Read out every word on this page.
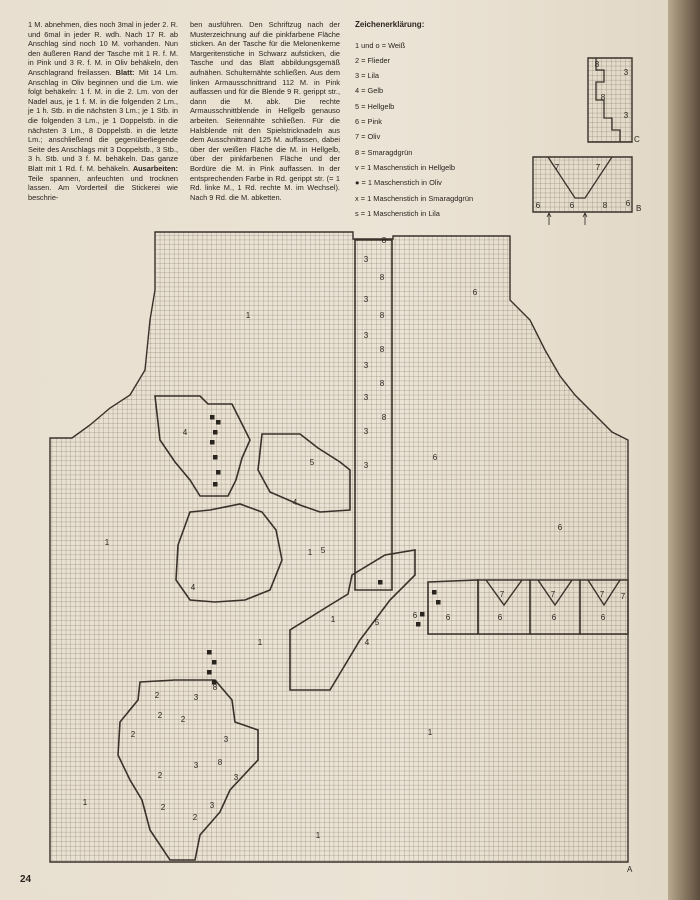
1 M. abnehmen, dies noch 3mal in jeder 2. R. und 6mal in jeder R. wdh. Nach 17 R. ab Anschlag sind noch 10 M. vorhanden. Nun den äußeren Rand der Tasche mit 1 R. f. M. in Pink und 3 R. f. M. in Oliv behäkeln, den Anschlagrand freilassen. Blatt: Mit 14 Lm. Anschlag in Oliv beginnen und die Lm. wie folgt behäkeln: 1 f. M. in die 2. Lm. von der Nadel aus, je 1 f. M. in die folgenden 2 Lm., je 1 h. Stb. in die nächsten 3 Lm.; je 1 Stb. in die folgenden 3 Lm., je 1 Doppelstb. in die nächsten 3 Lm., 8 Doppelstb. in die letzte Lm.; anschließend die gegenüberliegende Seite des Anschlags mit 3 Doppelstb., 3 Stb., 3 h. Stb. und 3 f. M. behäkeln. Das ganze Blatt mit 1 Rd. f. M. behäkeln. Ausarbeiten: Teile spannen, anfeuchten und trocknen lassen. Am Vorderteil die Stickerei wie beschrie-
ben ausführen. Den Schriftzug nach der Musterzeichnung auf die pinkfarbene Fläche sticken. An der Tasche für die Melonenkerne Margeritenstiche in Schwarz aufsticken, die Tasche und das Blatt abbildungsgemäß aufnähen. Schulternähte schließen. Aus dem linken Armausschnittrand 112 M. in Pink auffassen und für die Blende 9 R. gerippt str., dann die M. abk. Die rechte Armausschnittblende in Hellgelb genauso arbeiten. Seitennähte schließen. Für die Halsblende mit den Spielstricknadeln aus dem Ausschnittrand 125 M. auffassen, dabei über der weißen Fläche die M. in Hellgelb, über der pinkfarbenen Fläche und der Bordüre die M. in Pink auffassen. In der entsprechenden Farbe in Rd. gerippt str. (= 1 Rd. linke M., 1 Rd. rechte M. im Wechsel). Nach 9 Rd. die M. abketten.
Zeichenerklärung:
1 und o = Weiß
2 = Flieder
3 = Lila
4 = Gelb
5 = Hellgelb
6 = Pink
7 = Oliv
8 = Smaragdgrün
v = 1 Maschenstich in Hellgelb
● = 1 Maschenstich in Oliv
x = 1 Maschenstich in Smaragdgrün
s = 1 Maschenstich in Lila
1
1
1
1
1
1
1
1
6
6
6
4
4
4
5
5
5
4
3
3
3
3
3
3
3
8
8
8
8
8
8
6	6	6	6
6
7	7	7 7
2
2
2 2
2
2
2
3
3
3
3
3
8
8
8
3
8
3
7	7
6	6	8 6
C
B
A
24
